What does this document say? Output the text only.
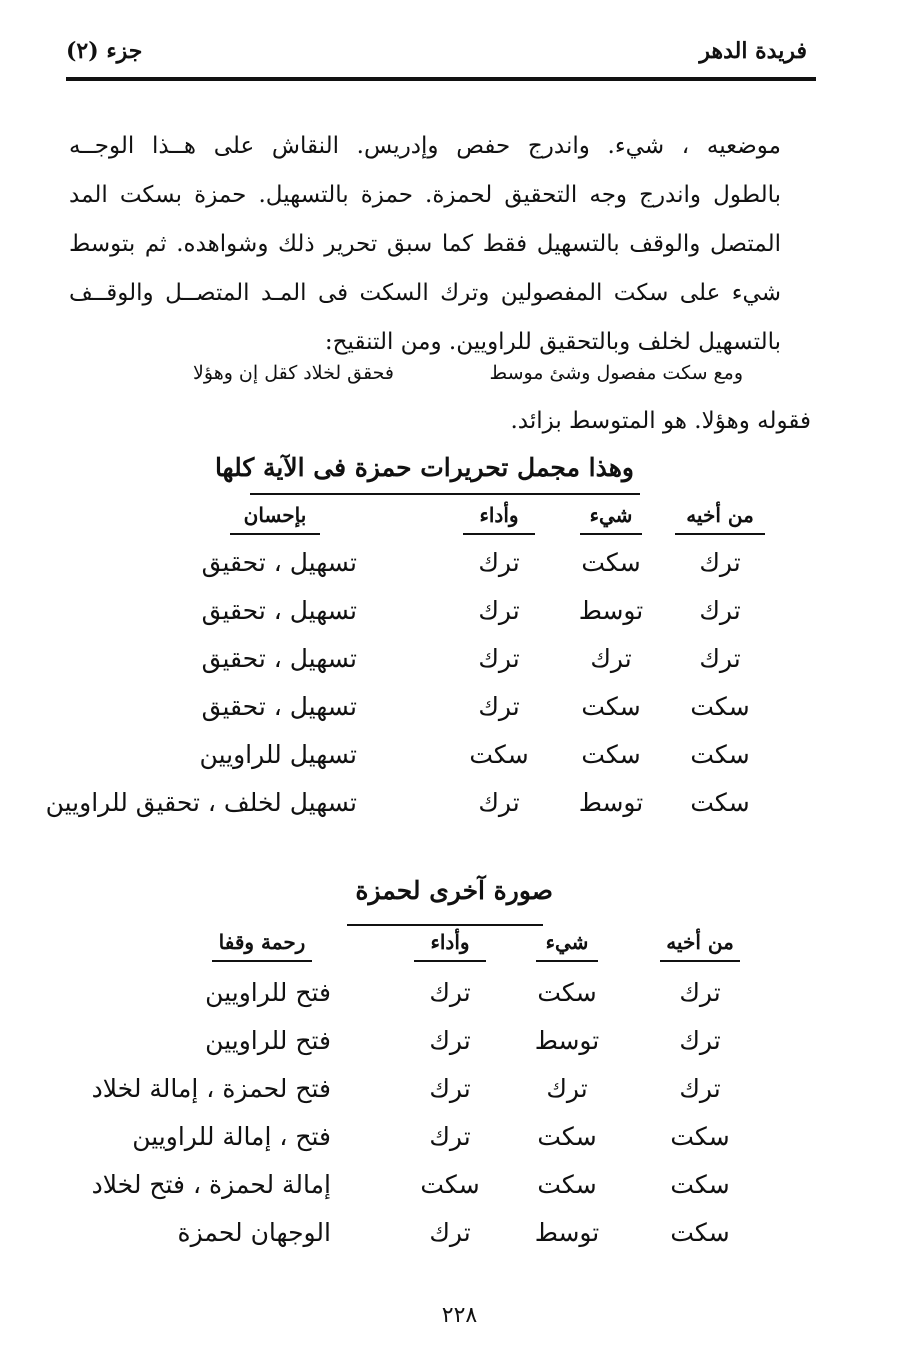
فريدة الدهر
جزء (٢)
موضعيه ، شيء. واندرج حفص وإدريس. النقاش على هــذا الوجــه
بالطول واندرج وجه التحقيق لحمزة. حمزة بالتسهيل. حمزة بسكت المد
المتصل والوقف بالتسهيل فقط كما سبق تحرير ذلك وشواهده. ثم بتوسط
شيء على سكت المفصولين وترك السكت فى المـد المتصــل والوقــف
بالتسهيل لخلف وبالتحقيق للراويين. ومن التنقيح:
ومع سكت مفصول وشئ موسط
فحقق لخلاد كقل إن وهؤلا
فقوله وهؤلا. هو المتوسط بزائد.
وهذا مجمل تحريرات حمزة فى الآية كلها
من أخيه
شيء
وأداء
بإحسان
ترك
سكت
ترك
تسهيل ، تحقيق
ترك
توسط
ترك
تسهيل ، تحقيق
ترك
ترك
ترك
تسهيل ، تحقيق
سكت
سكت
ترك
تسهيل ، تحقيق
سكت
سكت
سكت
تسهيل للراويين
سكت
توسط
ترك
تسهيل لخلف ، تحقيق للراويين
صورة آخرى لحمزة
من أخيه
شيء
وأداء
رحمة وقفا
ترك
سكت
ترك
فتح للراويين
ترك
توسط
ترك
فتح للراويين
ترك
ترك
ترك
فتح لحمزة ، إمالة لخلاد
سكت
سكت
ترك
فتح ، إمالة للراويين
سكت
سكت
سكت
إمالة لحمزة ، فتح لخلاد
سكت
توسط
ترك
الوجهان لحمزة
٢٢٨
